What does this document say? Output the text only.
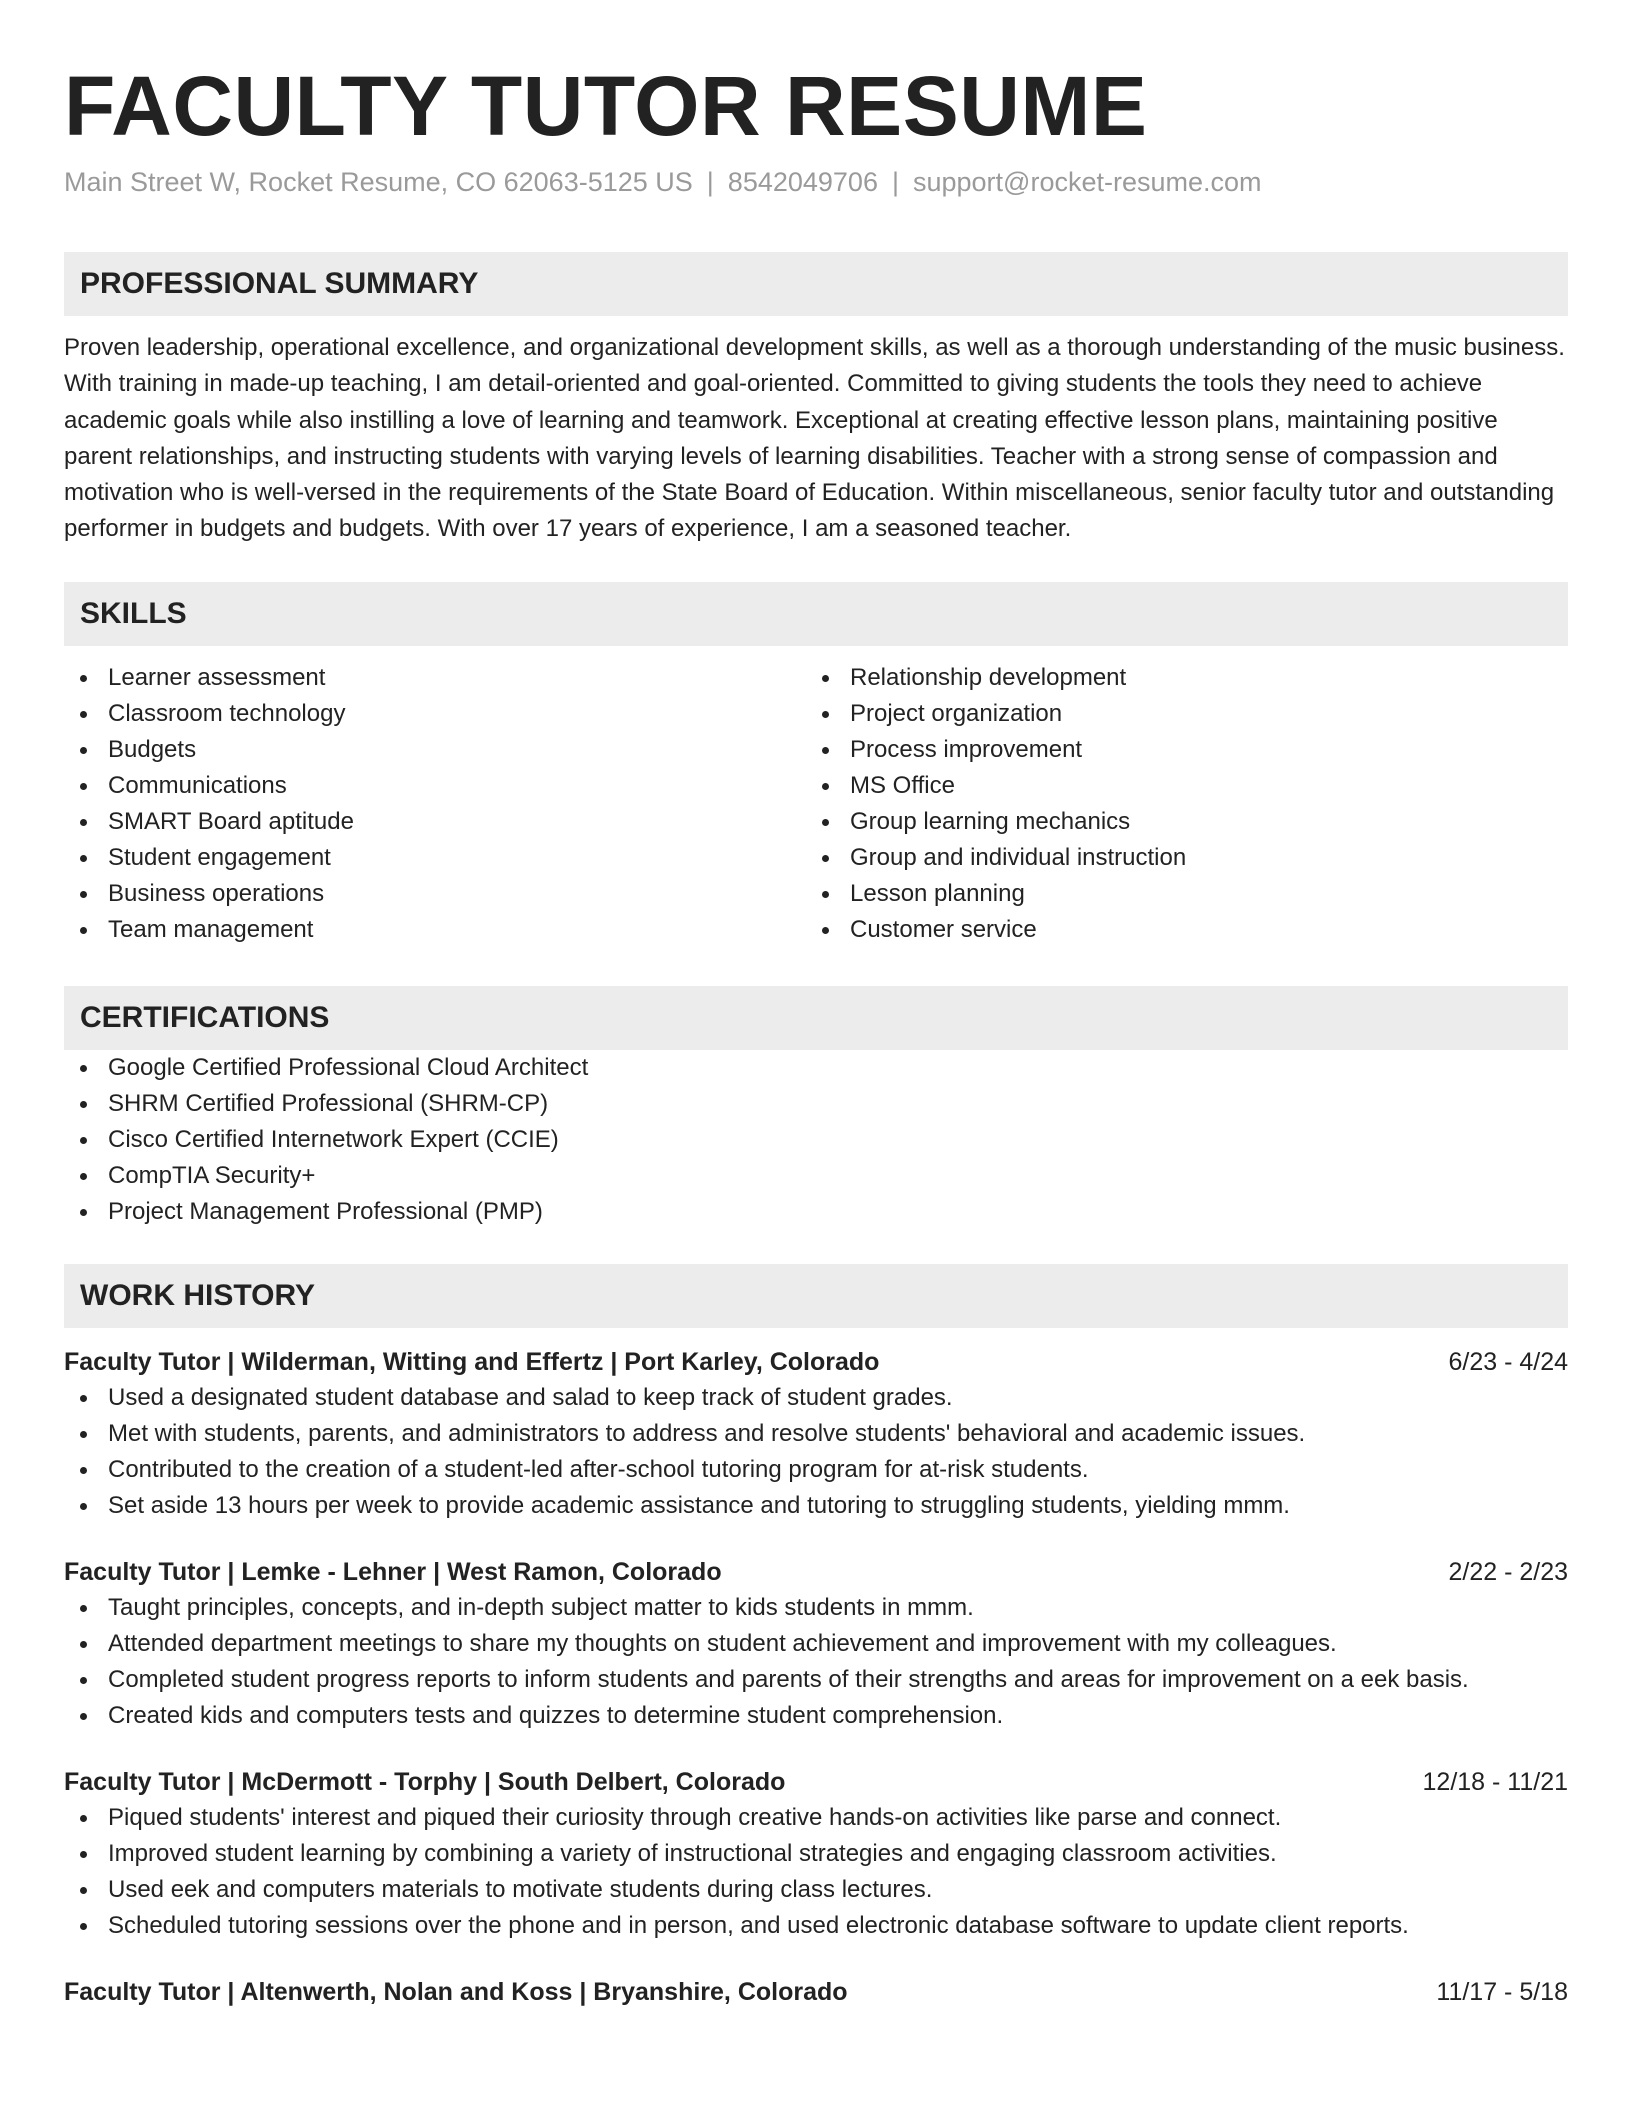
FACULTY TUTOR RESUME
Main Street W, Rocket Resume, CO 62063-5125 US | 8542049706 | support@rocket-resume.com
PROFESSIONAL SUMMARY
Proven leadership, operational excellence, and organizational development skills, as well as a thorough understanding of the music business. With training in made-up teaching, I am detail-oriented and goal-oriented. Committed to giving students the tools they need to achieve academic goals while also instilling a love of learning and teamwork. Exceptional at creating effective lesson plans, maintaining positive parent relationships, and instructing students with varying levels of learning disabilities. Teacher with a strong sense of compassion and motivation who is well-versed in the requirements of the State Board of Education. Within miscellaneous, senior faculty tutor and outstanding performer in budgets and budgets. With over 17 years of experience, I am a seasoned teacher.
SKILLS
Learner assessment
Classroom technology
Budgets
Communications
SMART Board aptitude
Student engagement
Business operations
Team management
Relationship development
Project organization
Process improvement
MS Office
Group learning mechanics
Group and individual instruction
Lesson planning
Customer service
CERTIFICATIONS
Google Certified Professional Cloud Architect
SHRM Certified Professional (SHRM-CP)
Cisco Certified Internetwork Expert (CCIE)
CompTIA Security+
Project Management Professional (PMP)
WORK HISTORY
Faculty Tutor | Wilderman, Witting and Effertz | Port Karley, Colorado	6/23 - 4/24
Used a designated student database and salad to keep track of student grades.
Met with students, parents, and administrators to address and resolve students' behavioral and academic issues.
Contributed to the creation of a student-led after-school tutoring program for at-risk students.
Set aside 13 hours per week to provide academic assistance and tutoring to struggling students, yielding mmm.
Faculty Tutor | Lemke - Lehner | West Ramon, Colorado	2/22 - 2/23
Taught principles, concepts, and in-depth subject matter to kids students in mmm.
Attended department meetings to share my thoughts on student achievement and improvement with my colleagues.
Completed student progress reports to inform students and parents of their strengths and areas for improvement on a eek basis.
Created kids and computers tests and quizzes to determine student comprehension.
Faculty Tutor | McDermott - Torphy | South Delbert, Colorado	12/18 - 11/21
Piqued students' interest and piqued their curiosity through creative hands-on activities like parse and connect.
Improved student learning by combining a variety of instructional strategies and engaging classroom activities.
Used eek and computers materials to motivate students during class lectures.
Scheduled tutoring sessions over the phone and in person, and used electronic database software to update client reports.
Faculty Tutor | Altenwerth, Nolan and Koss | Bryanshire, Colorado	11/17 - 5/18
